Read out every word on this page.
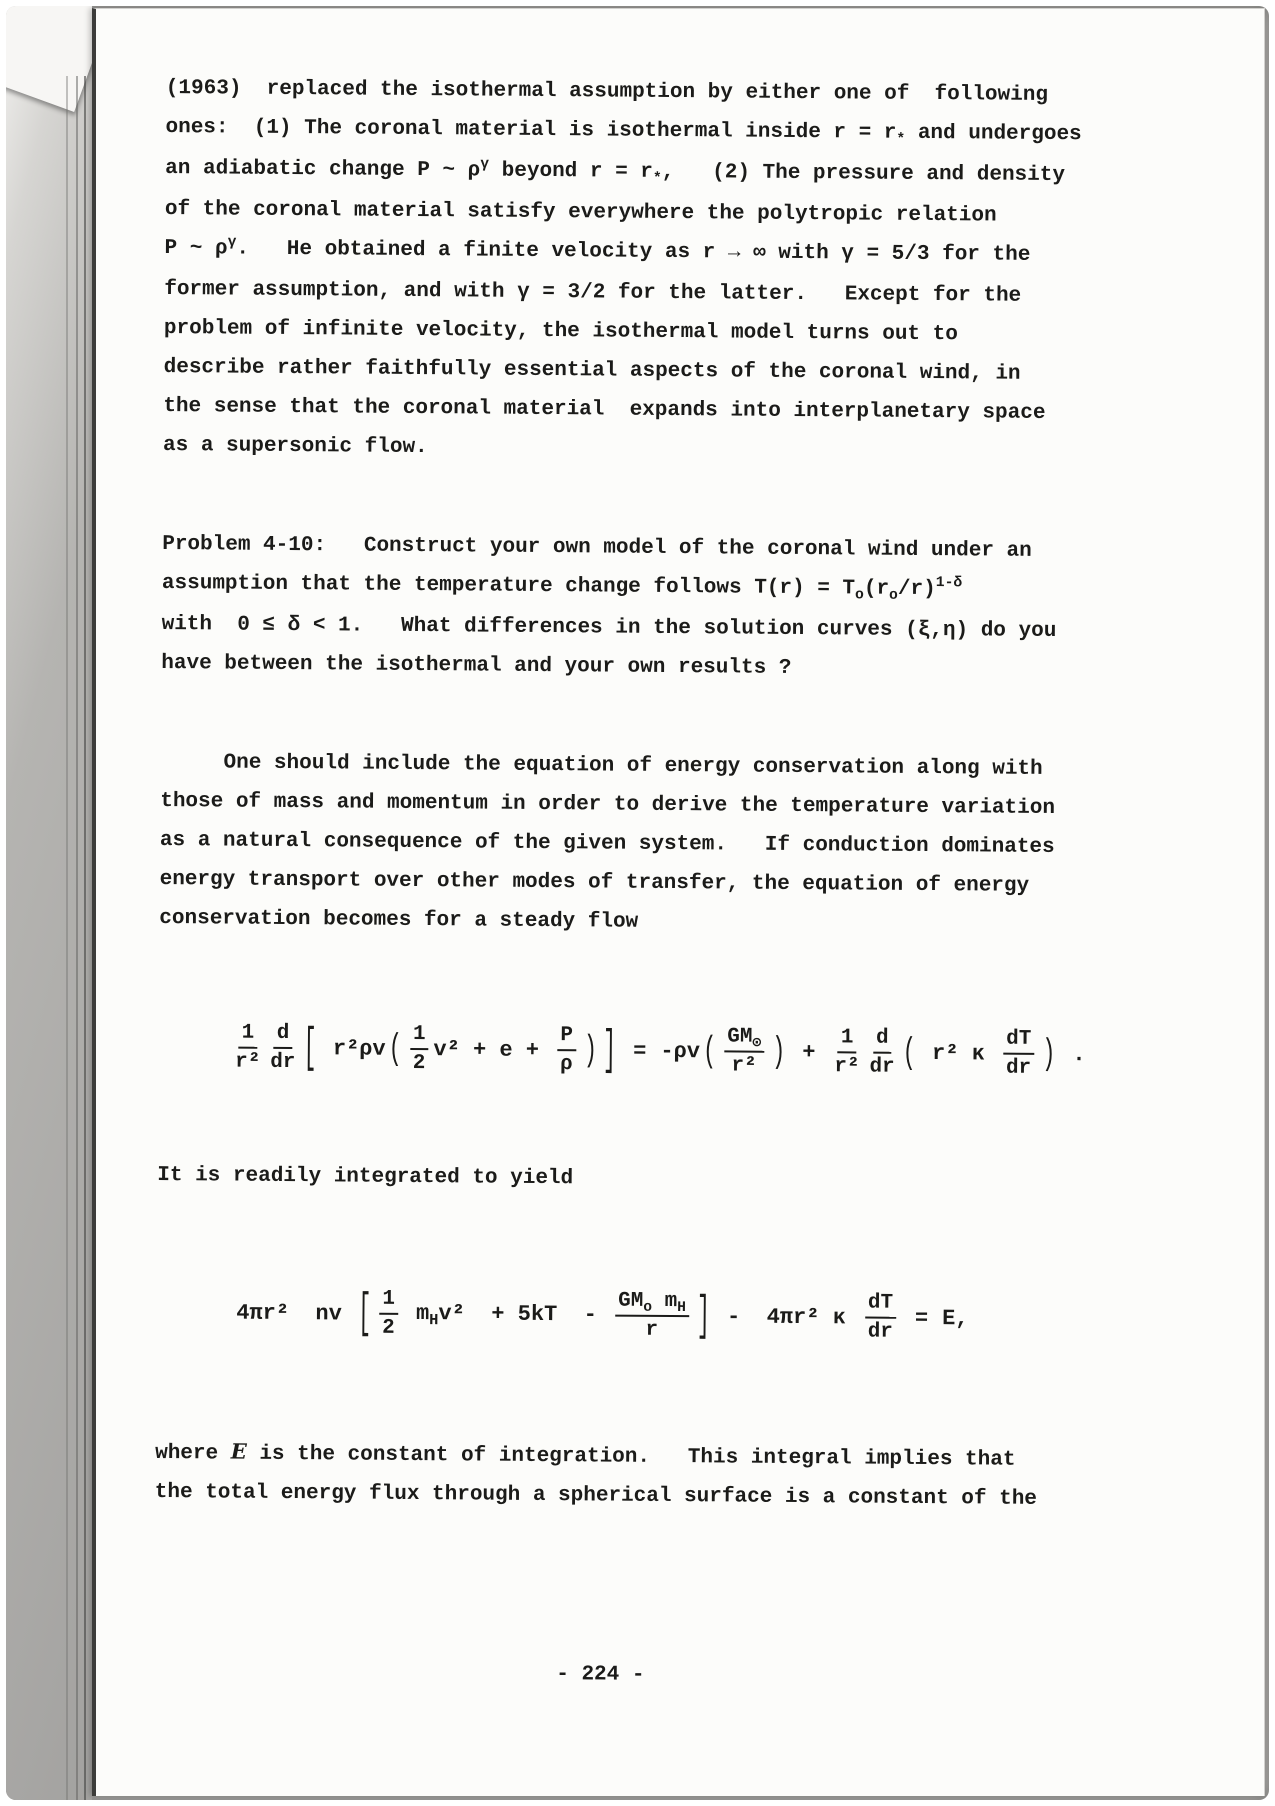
(1963)  replaced the isothermal assumption by either one of  following
ones:  (1) The coronal material is isothermal inside $r = r_*$ and undergoes
an adiabatic change P ~ $\rho^\gamma$ beyond $r = r_*$,   (2) The pressure and density
of the coronal material satisfy everywhere the polytropic relation
P ~ $\rho^\gamma$.   He obtained a finite velocity as r → ∞ with γ = 5/3 for the
former assumption, and with γ = 3/2 for the latter.   Except for the
problem of infinite velocity, the isothermal model turns out to
describe rather faithfully essential aspects of the coronal wind, in
the sense that the coronal material  expands into interplanetary space
as a supersonic flow.
Problem 4-10:   Construct your own model of the coronal wind under an
assumption that the temperature change follows $T(r) = T_o(r_o/r)^{1-\delta}$
with  0 ≤ δ < 1.   What differences in the solution curves (ξ,η) do you
have between the isothermal and your own results ?
One should include the equation of energy conservation along with
those of mass and momentum in order to derive the temperature variation
as a natural consequence of the given system.   If conduction dominates
energy transport over other modes of transfer, the equation of energy
conservation becomes for a steady flow
$\frac{1}{\text{r²}} \frac{d}{dr}$ [ r²ρv ( $\frac{1}{2} v^2 + e + \frac{P}{\rho}$ ) ] = -ρv ( $\frac{GM_⊙}{\text{r²}}$ ) + $\frac{1}{\text{r²}} \frac{d}{dr}$ ( r² κ $\frac{dT}{dr}$ ) .
It is readily integrated to yield
4πr²  nv [ $\frac{1}{2} m_Hv^2 + 5kT - \frac{GM_o m_H}{r}$ ] -  4πr² κ $\frac{dT}{dr} = E$,
where E is the constant of integration.   This integral implies that
the total energy flux through a spherical surface is a constant of the
- 224 -
